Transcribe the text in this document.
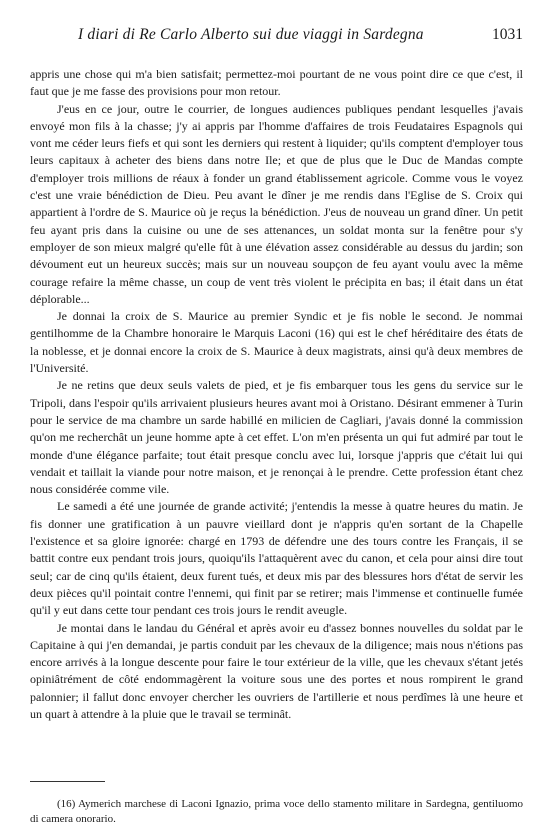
I diari di Re Carlo Alberto sui due viaggi in Sardegna	1031

appris une chose qui m'a bien satisfait; permettez-moi pourtant de ne vous point dire ce que c'est, il faut que je me fasse des provisions pour mon retour.

J'eus en ce jour, outre le courrier, de longues audiences publiques pendant lesquelles j'avais envoyé mon fils à la chasse; j'y ai appris par l'homme d'affaires de trois Feudataires Espagnols qui vont me céder leurs fiefs et qui sont les derniers qui restent à liquider; qu'ils comptent d'employer tous leurs capitaux à acheter des biens dans notre Ile; et que de plus que le Duc de Mandas compte d'employer trois millions de réaux à fonder un grand établissement agricole. Comme vous le voyez c'est une vraie bénédiction de Dieu. Peu avant le dîner je me rendis dans l'Eglise de S. Croix qui appartient à l'ordre de S. Maurice où je reçus la bénédiction. J'eus de nouveau un grand dîner. Un petit feu ayant pris dans la cuisine ou une de ses attenances, un soldat monta sur la fenêtre pour s'y employer de son mieux malgré qu'elle fût à une élévation assez considérable au dessus du jardin; son dévoument eut un heureux succès; mais sur un nouveau soupçon de feu ayant voulu avec la même courage refaire la même chasse, un coup de vent très violent le précipita en bas; il était dans un état déplorable...

Je donnai la croix de S. Maurice au premier Syndic et je fis noble le second. Je nommai gentilhomme de la Chambre honoraire le Marquis Laconi (16) qui est le chef héréditaire des états de la noblesse, et je donnai encore la croix de S. Maurice à deux magistrats, ainsi qu'à deux membres de l'Université.

Je ne retins que deux seuls valets de pied, et je fis embarquer tous les gens du service sur le Tripoli, dans l'espoir qu'ils arrivaient plusieurs heures avant moi à Oristano. Désirant emmener à Turin pour le service de ma chambre un sarde habillé en milicien de Cagliari, j'avais donné la commission qu'on me recherchât un jeune homme apte à cet effet. L'on m'en présenta un qui fut admiré par tout le monde d'une élégance parfaite; tout était presque conclu avec lui, lorsque j'appris que c'était lui qui vendait et taillait la viande pour notre maison, et je renonçai à le prendre. Cette profession étant chez nous considérée comme vile.

Le samedi a été une journée de grande activité; j'entendis la messe à quatre heures du matin. Je fis donner une gratification à un pauvre vieillard dont je n'appris qu'en sortant de la Chapelle l'existence et sa gloire ignorée: chargé en 1793 de défendre une des tours contre les Français, il se battit contre eux pendant trois jours, quoiqu'ils l'attaquèrent avec du canon, et cela pour ainsi dire tout seul; car de cinq qu'ils étaient, deux furent tués, et deux mis par des blessures hors d'état de servir les deux pièces qu'il pointait contre l'ennemi, qui finit par se retirer; mais l'immense et continuelle fumée qu'il y eut dans cette tour pendant ces trois jours le rendit aveugle.

Je montai dans le landau du Général et après avoir eu d'assez bonnes nouvelles du soldat par le Capitaine à qui j'en demandai, je partis conduit par les chevaux de la diligence; mais nous n'étions pas encore arrivés à la longue descente pour faire le tour extérieur de la ville, que les chevaux s'étant jetés opiniâtrément de côté endommagèrent la voiture sous une des portes et nous rompirent le grand palonnier; il fallut donc envoyer chercher les ouvriers de l'artillerie et nous perdîmes là une heure et un quart à attendre à la pluie que le travail se terminât.

(16) Aymerich marchese di Laconi Ignazio, prima voce dello stamento militare in Sardegna, gentiluomo di camera onorario.
